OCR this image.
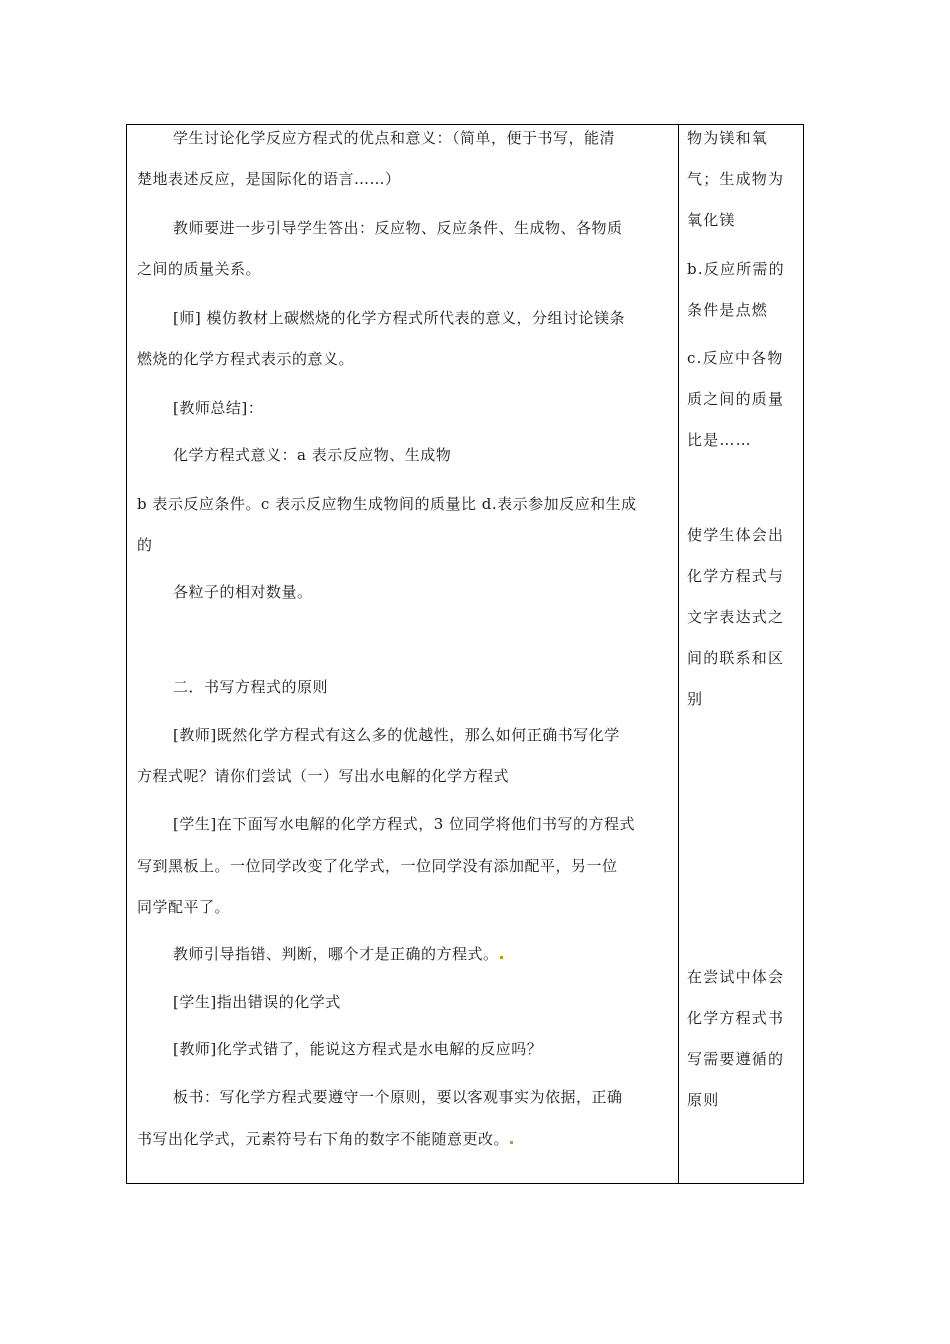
学生讨论化学反应方程式的优点和意义：（简单，便于书写，能清
楚地表述反应，是国际化的语言……）
教师要进一步引导学生答出：反应物、反应条件、生成物、各物质
之间的质量关系。
[师] 模仿教材上碳燃烧的化学方程式所代表的意义，分组讨论镁条
燃烧的化学方程式表示的意义。
[教师总结]：
化学方程式意义：a 表示反应物、生成物
b 表示反应条件。c 表示反应物生成物间的质量比 d.表示参加反应和生成
的
各粒子的相对数量。
二．书写方程式的原则
[教师]既然化学方程式有这么多的优越性，那么如何正确书写化学
方程式呢？请你们尝试（一）写出水电解的化学方程式
[学生]在下面写水电解的化学方程式，3 位同学将他们书写的方程式
写到黑板上。一位同学改变了化学式，一位同学没有添加配平，另一位
同学配平了。
教师引导指错、判断，哪个才是正确的方程式。
[学生]指出错误的化学式
[教师]化学式错了，能说这方程式是水电解的反应吗？
板书：写化学方程式要遵守一个原则，要以客观事实为依据，正确
书写出化学式，元素符号右下角的数字不能随意更改。
物为镁和氧
气；生成物为
氧化镁
b.反应所需的
条件是点燃
c.反应中各物
质之间的质量
比是……
使学生体会出
化学方程式与
文字表达式之
间的联系和区
别
在尝试中体会
化学方程式书
写需要遵循的
原则
